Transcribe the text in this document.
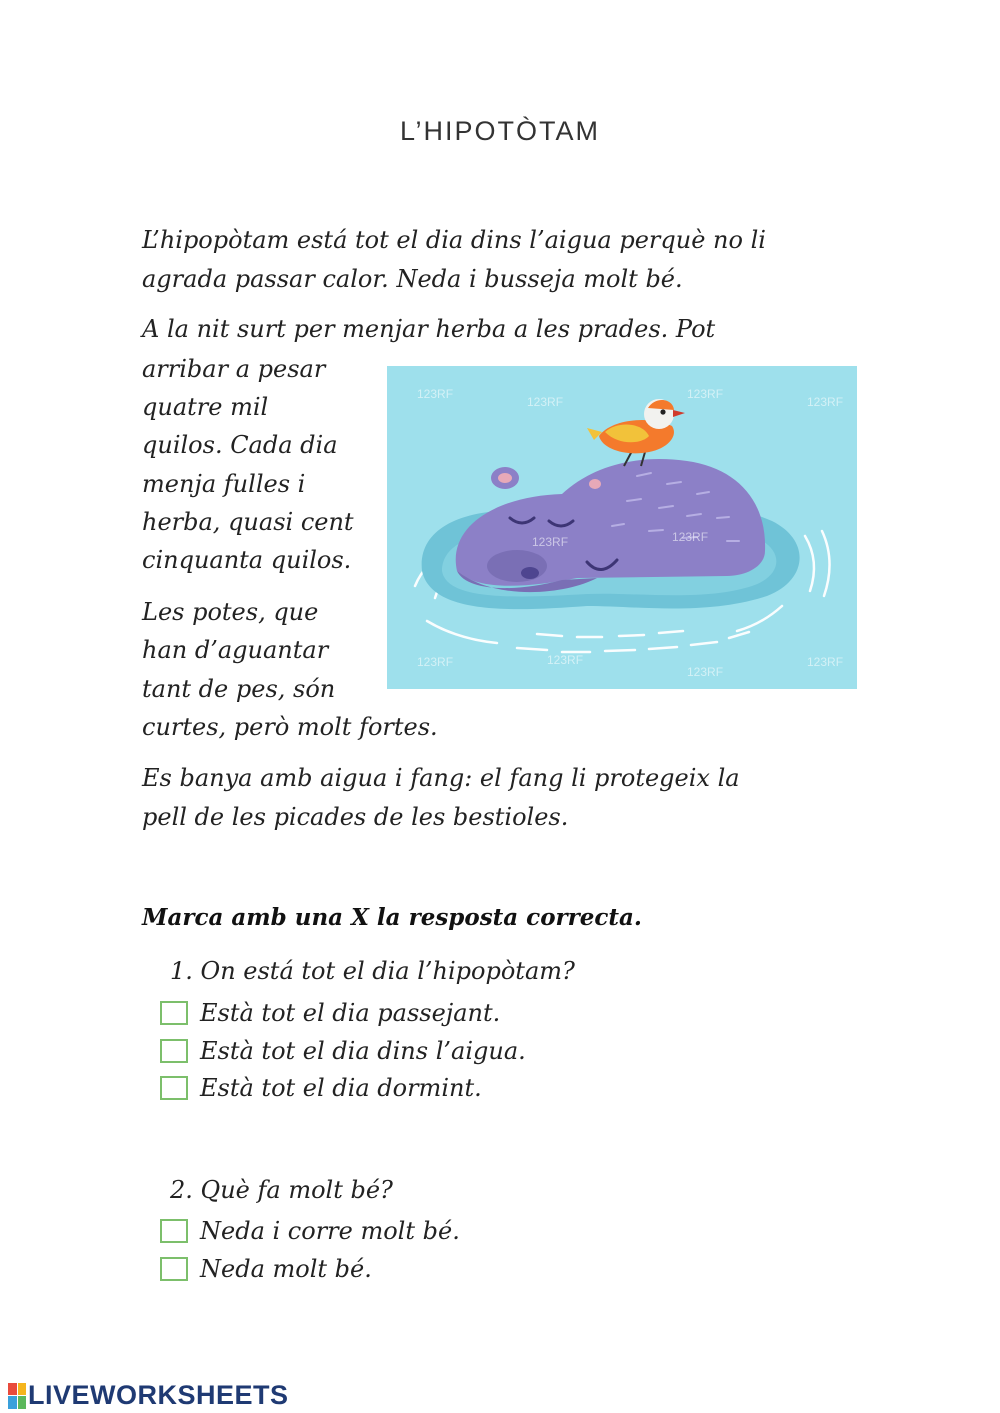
L’HIPOTÒTAM
L’hipopòtam está tot el dia dins l’aigua perquè no li
agrada passar calor. Neda i busseja molt bé.
A la nit surt per menjar herba a les prades. Pot
arribar a pesar
quatre mil
quilos. Cada dia
menja fulles i
herba, quasi cent
cinquanta quilos.
Les potes, que
han d’aguantar
tant de pes, són
curtes, però molt fortes.
Es banya amb aigua i fang: el fang li protegeix la
pell de les picades de les bestioles.
123RF
123RF
123RF
123RF
123RF	123RF
123RF	123RF
123RF
123RF
Marca amb una X la resposta correcta.
1. On está tot el dia l’hipopòtam?
Està tot el dia passejant.
Està tot el dia dins l’aigua.
Està tot el dia dormint.
2. Què fa molt bé?
Neda i corre molt bé.
Neda molt bé.
LIVEWORKSHEETS
